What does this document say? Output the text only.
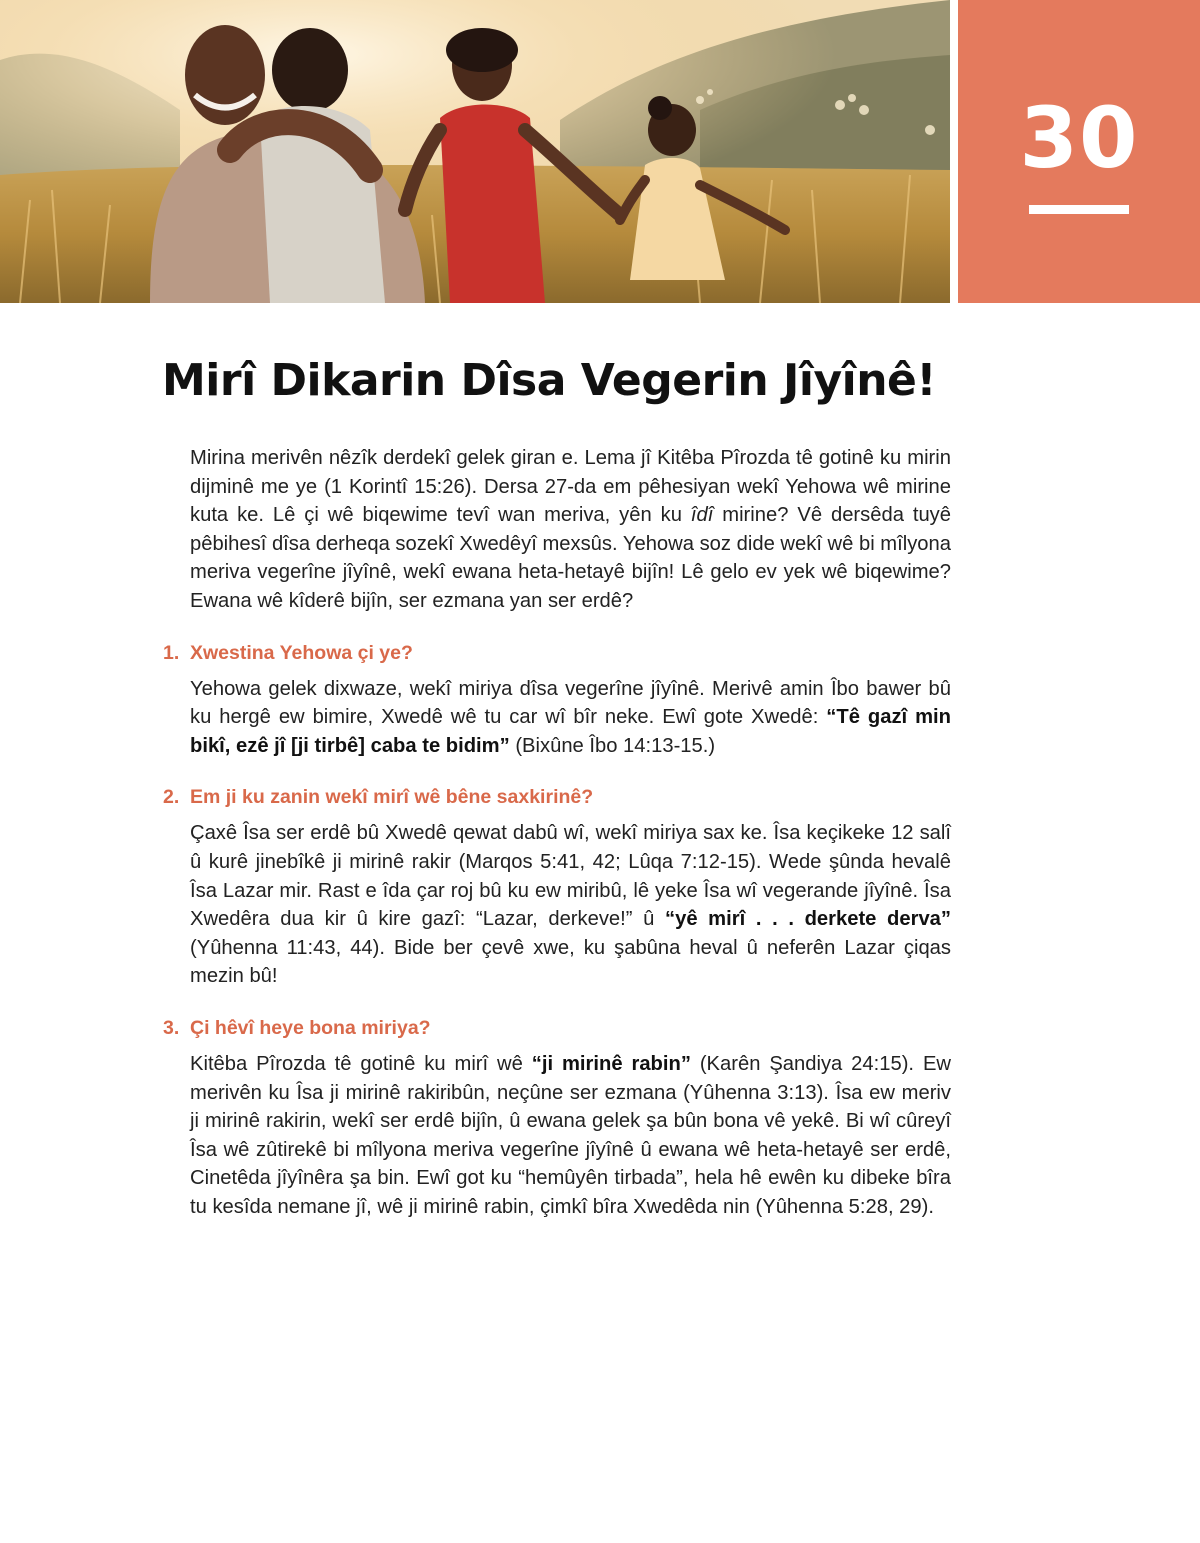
30
Mirî Dikarin Dîsa Vegerin Jîyînê!

Mirina merivên nêzîk derdekî gelek giran e. Lema jî Kitêba Pîrozda tê gotinê ku mirin dijminê me ye (1 Korintî 15:26). Dersa 27-da em pêhesiyan wekî Yehowa wê mirine kuta ke. Lê çi wê biqewime tevî wan meriva, yên ku îdî mirine? Vê dersêda tuyê pêbihesî dîsa derheqa sozekî Xwedêyî mexsûs. Yehowa soz dide wekî wê bi mîlyona meriva vegerîne jîyînê, wekî ewana heta-hetayê bijîn! Lê gelo ev yek wê biqewime? Ewana wê kîderê bijîn, ser ezmana yan ser erdê?

1. Xwestina Yehowa çi ye?

Yehowa gelek dixwaze, wekî miriya dîsa vegerîne jîyînê. Merivê amin Îbo bawer bû ku hergê ew bimire, Xwedê wê tu car wî bîr neke. Ewî gote Xwedê: “Tê gazî min bikî, ezê jî [ji tirbê] caba te bidim” (Bixûne Îbo 14:13-15.)

2. Em ji ku zanin wekî mirî wê bêne saxkirinê?

Çaxê Îsa ser erdê bû Xwedê qewat dabû wî, wekî miriya sax ke. Îsa keçikeke 12 salî û kurê jinebîkê ji mirinê rakir (Marqos 5:41, 42; Lûqa 7:12-15). Wede şûnda hevalê Îsa Lazar mir. Rast e îda çar roj bû ku ew miribû, lê yeke Îsa wî vegerande jîyînê. Îsa Xwedêra dua kir û kire gazî: “Lazar, derkeve!” û “yê mirî . . . derkete derva” (Yûhenna 11:43, 44). Bide ber çevê xwe, ku şabûna heval û neferên Lazar çiqas mezin bû!

3. Çi hêvî heye bona miriya?

Kitêba Pîrozda tê gotinê ku mirî wê “ji mirinê rabin” (Karên Şandiya 24:15). Ew merivên ku Îsa ji mirinê rakiribûn, neçûne ser ezmana (Yûhenna 3:13). Îsa ew meriv ji mirinê rakirin, wekî ser erdê bijîn, û ewana gelek şa bûn bona vê yekê. Bi wî cûreyî Îsa wê zûtirekê bi mîlyona meriva vegerîne jîyînê û ewana wê heta-hetayê ser erdê, Cinetêda jîyînêra şa bin. Ewî got ku “hemûyên tirbada”, hela hê ewên ku dibeke bîra tu kesîda nemane jî, wê ji mirinê rabin, çimkî bîra Xwedêda nin (Yûhenna 5:28, 29).
